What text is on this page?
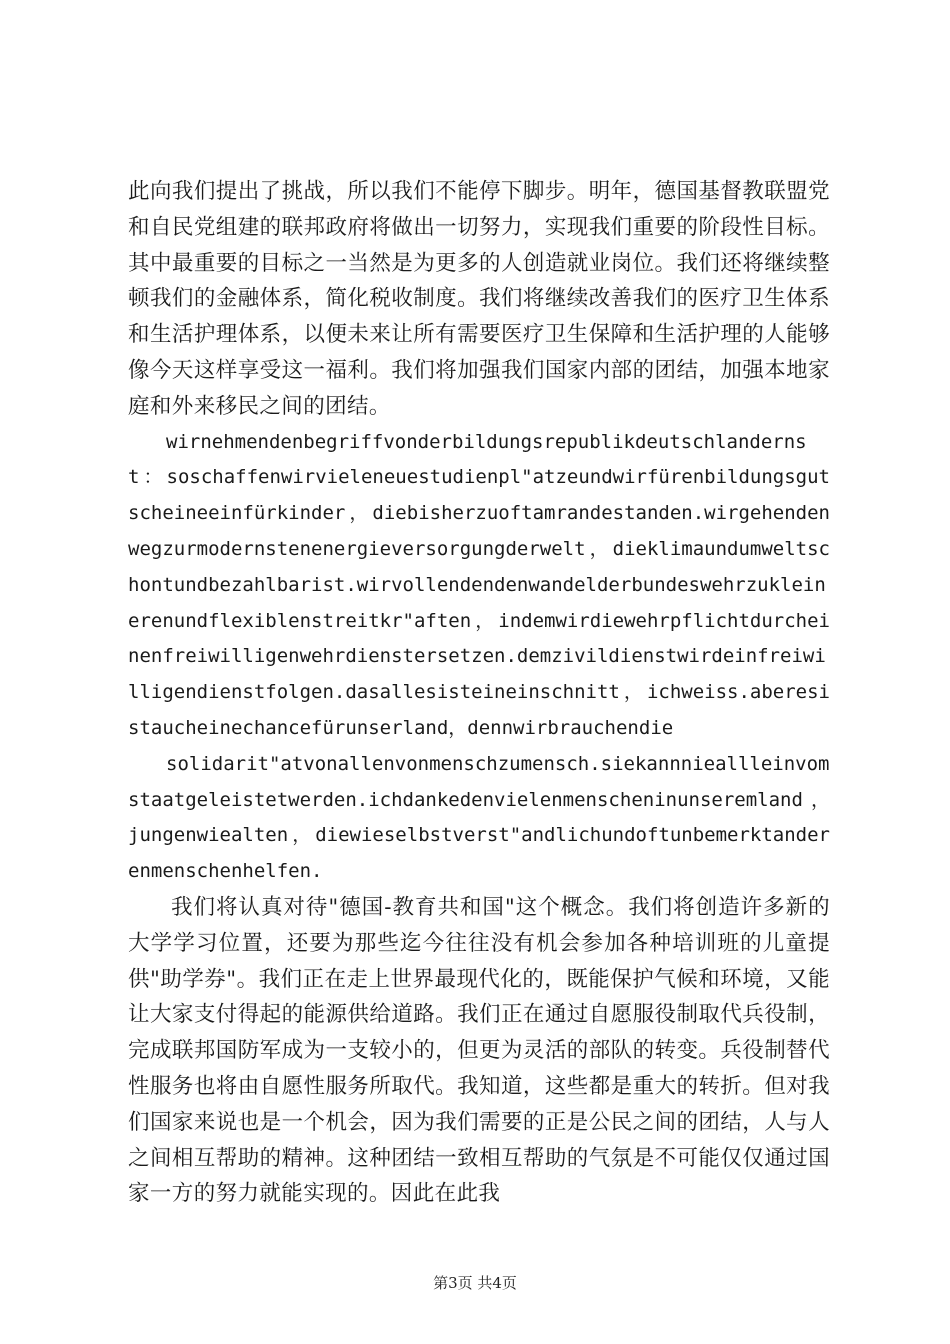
此向我们提出了挑战，所以我们不能停下脚步。明年，德国基督教联盟党和自民党组建的联邦政府将做出一切努力，实现我们重要的阶段性目标。其中最重要的目标之一当然是为更多的人创造就业岗位。我们还将继续整顿我们的金融体系，简化税收制度。我们将继续改善我们的医疗卫生体系和生活护理体系，以便未来让所有需要医疗卫生保障和生活护理的人能够像今天这样享受这一福利。我们将加强我们国家内部的团结，加强本地家庭和外来移民之间的团结。

wirnehmendenbegriffvonderbildungsrepublikdeutschlandernst：soschaffenwirvieleneuestudienpl"atzeundwirfürenbildungsgutscheineeinfürkinder，diebisherzuoftamrandestanden.wirgehendenwegzurmodernstenenergieversorgungderwelt，dieklimaundumweltschontundbezahlbarist.wirvollendendenwandelderbundeswehrzukleinerenundflexiblenstreitkr"aften，indemwirdiewehrpflichtdurcheinenfreiwilligenwehrdienstersetzen.demzivildienstwirdeinfreiwilligendienstfolgen.dasallesisteineinschnitt，ichweiss.aberesistaucheinechancefürunserland，dennwirbrauchendie

solidarit"atvonallenvonmenschzumensch.siekannnieallleinvomstaatgeleistetwerden.ichdankedenvielenmenscheninunseremland，jungenwiealten，diewieselbstverst"andlichundoftunbemerktanderenmenschenhelfen.

我们将认真对待"德国-教育共和国"这个概念。我们将创造许多新的大学学习位置，还要为那些迄今往往没有机会参加各种培训班的儿童提供"助学券"。我们正在走上世界最现代化的，既能保护气候和环境，又能让大家支付得起的能源供给道路。我们正在通过自愿服役制取代兵役制，完成联邦国防军成为一支较小的，但更为灵活的部队的转变。兵役制替代性服务也将由自愿性服务所取代。我知道，这些都是重大的转折。但对我们国家来说也是一个机会，因为我们需要的正是公民之间的团结，人与人之间相互帮助的精神。这种团结一致相互帮助的气氛是不可能仅仅通过国家一方的努力就能实现的。因此在此我

第3页 共4页
